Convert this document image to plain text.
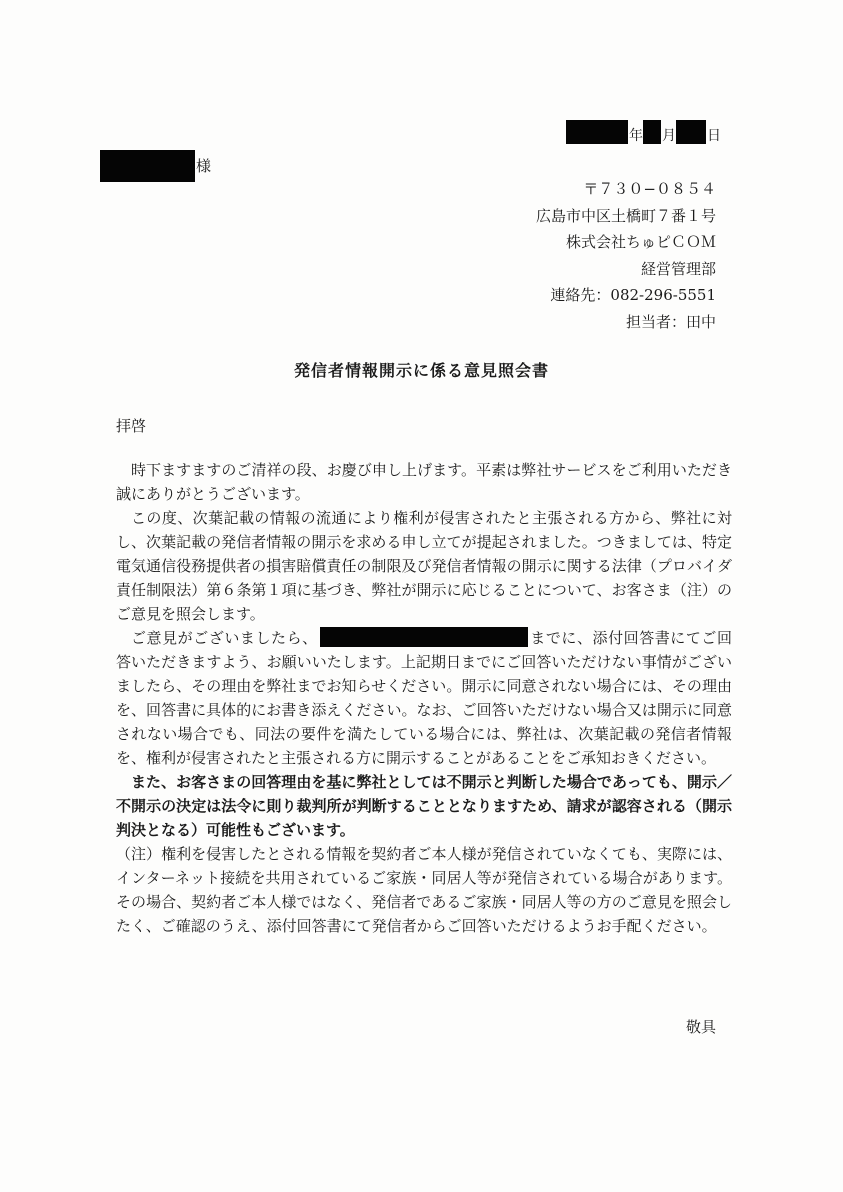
年 月 日
様
〒７３０−０８５４
広島市中区土橋町７番１号
株式会社ちゅピＣＯＭ
経営管理部
連絡先：082-296-5551
担当者：田中
発信者情報開示に係る意見照会書
拝啓

時下ますますのご清祥の段、お慶び申し上げます。平素は弊社サービスをご利用いただき誠にありがとうございます。

この度、次葉記載の情報の流通により権利が侵害されたと主張される方から、弊社に対し、次葉記載の発信者情報の開示を求める申し立てが提起されました。つきましては、特定電気通信役務提供者の損害賠償責任の制限及び発信者情報の開示に関する法律（プロバイダ責任制限法）第６条第１項に基づき、弊社が開示に応じることについて、お客さま（注）のご意見を照会します。

ご意見がございましたら、	までに、添付回答書にてご回答いただきますよう、お願いいたします。上記期日までにご回答いただけない事情がございましたら、その理由を弊社までお知らせください。開示に同意されない場合には、その理由を、回答書に具体的にお書き添えください。なお、ご回答いただけない場合又は開示に同意されない場合でも、同法の要件を満たしている場合には、弊社は、次葉記載の発信者情報を、権利が侵害されたと主張される方に開示することがあることをご承知おきください。

また、お客さまの回答理由を基に弊社としては不開示と判断した場合であっても、開示／不開示の決定は法令に則り裁判所が判断することとなりますため、請求が認容される（開示判決となる）可能性もございます。

（注）権利を侵害したとされる情報を契約者ご本人様が発信されていなくても、実際には、インターネット接続を共用されているご家族・同居人等が発信されている場合があります。その場合、契約者ご本人様ではなく、発信者であるご家族・同居人等の方のご意見を照会したく、ご確認のうえ、添付回答書にて発信者からご回答いただけるようお手配ください。

敬具
